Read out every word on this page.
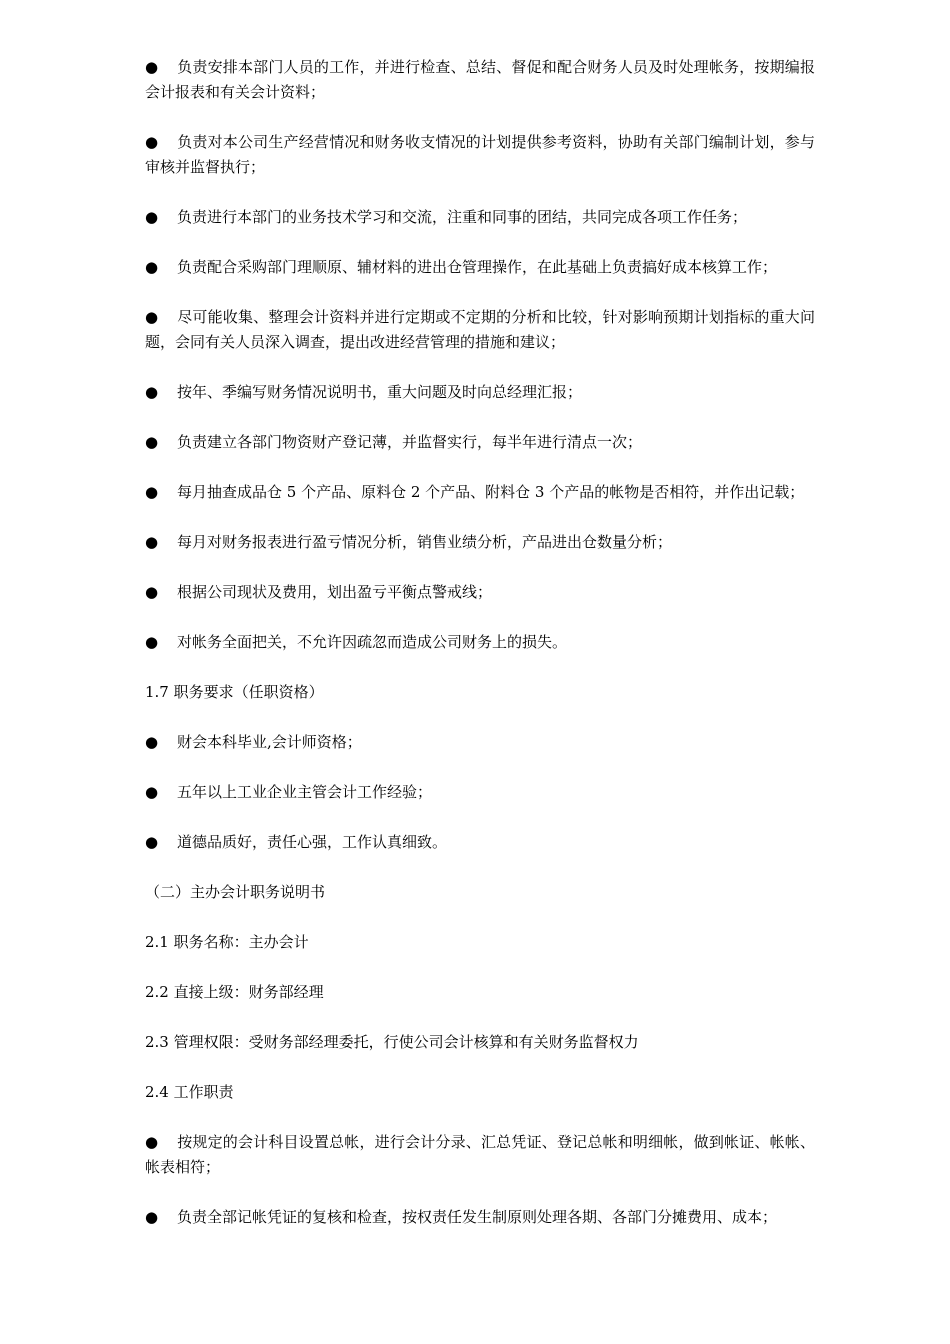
● 负责安排本部门人员的工作，并进行检查、总结、督促和配合财务人员及时处理帐务，按期编报会计报表和有关会计资料；

● 负责对本公司生产经营情况和财务收支情况的计划提供参考资料，协助有关部门编制计划，参与审核并监督执行；

● 负责进行本部门的业务技术学习和交流，注重和同事的团结，共同完成各项工作任务；

● 负责配合采购部门理顺原、辅材料的进出仓管理操作，在此基础上负责搞好成本核算工作；

● 尽可能收集、整理会计资料并进行定期或不定期的分析和比较，针对影响预期计划指标的重大问题，会同有关人员深入调查，提出改进经营管理的措施和建议；

● 按年、季编写财务情况说明书，重大问题及时向总经理汇报；

● 负责建立各部门物资财产登记薄，并监督实行，每半年进行清点一次；

● 每月抽查成品仓 5 个产品、原料仓 2 个产品、附料仓 3 个产品的帐物是否相符，并作出记载；

● 每月对财务报表进行盈亏情况分析，销售业绩分析，产品进出仓数量分析；

● 根据公司现状及费用，划出盈亏平衡点警戒线；

● 对帐务全面把关，不允许因疏忽而造成公司财务上的损失。

1.7 职务要求（任职资格）

● 财会本科毕业,会计师资格；

● 五年以上工业企业主管会计工作经验；

● 道德品质好，责任心强，工作认真细致。

（二）主办会计职务说明书

2.1 职务名称：主办会计

2.2 直接上级：财务部经理

2.3 管理权限：受财务部经理委托，行使公司会计核算和有关财务监督权力

2.4 工作职责

● 按规定的会计科目设置总帐，进行会计分录、汇总凭证、登记总帐和明细帐，做到帐证、帐帐、帐表相符；

● 负责全部记帐凭证的复核和检查，按权责任发生制原则处理各期、各部门分摊费用、成本；
